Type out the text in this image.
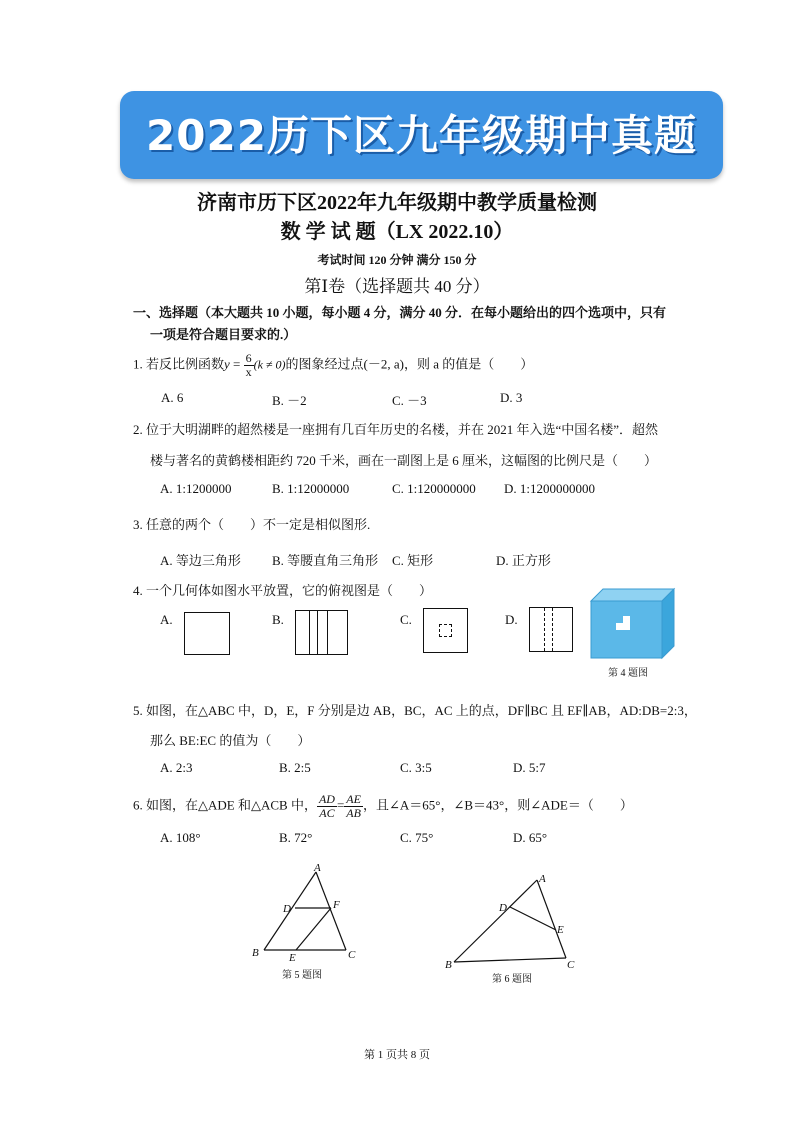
2022历下区九年级期中真题
济南市历下区2022年九年级期中教学质量检测
数 学 试 题（LX 2022.10）
考试时间 120 分钟 满分 150 分
第Ⅰ卷（选择题共 40 分）
一、选择题（本大题共 10 小题，每小题 4 分，满分 40 分．在每小题给出的四个选项中，只有
一项是符合题目要求的.）
1. 若反比例函数$y = \frac{6}{x} (k \ne 0)$的图象经过点(－2, a)，则 a 的值是（　　）
A. 6	B. －2	C. －3	D. 3
2. 位于大明湖畔的超然楼是一座拥有几百年历史的名楼，并在 2021 年入选“中国名楼”．超然
楼与著名的黄鹤楼相距约 720 千米，画在一副图上是 6 厘米，这幅图的比例尺是（　　）
A. 1:1200000	B. 1:12000000	C. 1:120000000 D. 1:1200000000
3. 任意的两个（　　）不一定是相似图形.
A. 等边三角形 B. 等腰直角三角形 C. 矩形	D. 正方形
4. 一个几何体如图水平放置，它的俯视图是（　　）
A.	B.	C.	D.
第 4 题图
5. 如图，在△ABC 中，D，E，F 分别是边 AB，BC，AC 上的点，DF∥BC 且 EF∥AB，AD:DB=2:3，
那么 BE:EC 的值为（　　）
A. 2:3	B. 2:5	C. 3:5	D. 5:7
6. 如图，在△ADE 和△ACB 中， $\frac{AD}{AC} = \frac{AE}{AB}$ ，且∠A＝65°，∠B＝43°，则∠ADE＝（　　）
A. 108°	B. 72°	C. 75°	D. 65°
A
D	F
B	E	C
第 5 题图
A
D
E
B	C
第 6 题图
第 1 页共 8 页
